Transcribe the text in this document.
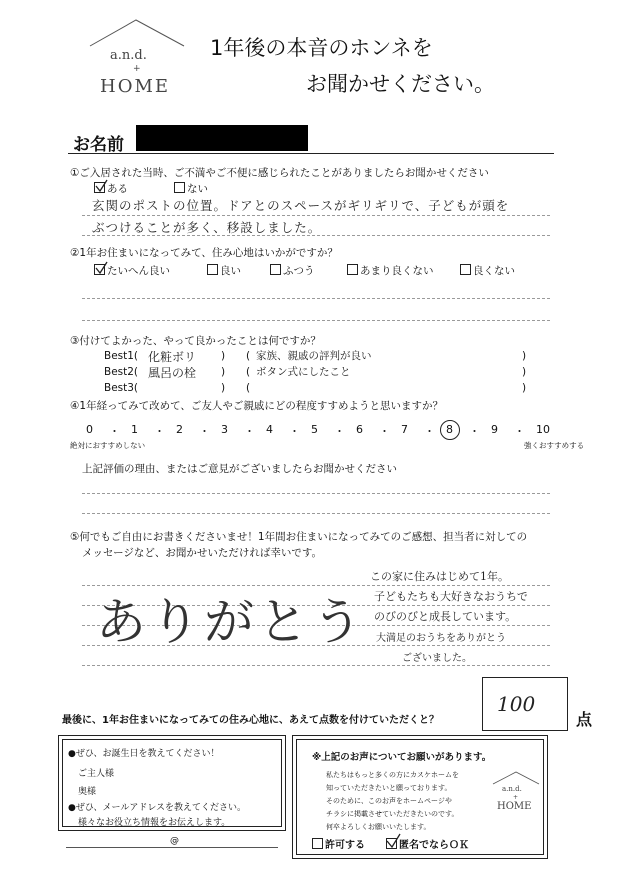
a.n.d.
+
HOME
1年後の本音のホンネを
お聞かせください。
お名前
①ご入居された当時、ご不満やご不便に感じられたことがありましたらお聞かせください
ある	ない
玄関のポストの位置。ドアとのスペースがギリギリで、子どもが頭を
ぶつけることが多く、移設しました。
②1年お住まいになってみて、住み心地はいかがですか？
たいへん良い	良い	ふつう	あまり良くない	良くない
③付けてよかった、やって良かったことは何ですか？
Best1( 化粧ボリ ) ( 家族、親戚の評判が良い	)
Best2( 風呂の栓 ) ( ボタン式にしたこと	)
Best3(	) (	)
④1年経ってみて改めて、ご友人やご親戚にどの程度すすめようと思いますか？
0 ・ 1 ・ 2 ・ 3 ・ 4 ・ 5 ・ 6 ・ 7 ・ 8 ・ 9 ・ 10
絶対におすすめしない	強くおすすめする
上記評価の理由、またはご意見がございましたらお聞かせください
⑤何でもご自由にお書きくださいませ！1年間お住まいになってみてのご感想、担当者に対しての
メッセージなど、お聞かせいただければ幸いです。
ありがとう
この家に住みはじめて1年。
子どもたちも大好きなおうちで
のびのびと成長しています。
大満足のおうちをありがとう
ございました。
最後に、1年お住まいになってみての住み心地に、あえて点数を付けていただくと？
100
点
●ぜひ、お誕生日を教えてください！
ご主人様
奥様
●ぜひ、メールアドレスを教えてください。
様々なお役立ち情報をお伝えします。
@
※上記のお声についてお願いがあります。
私たちはもっと多くの方にカスケホームを
知っていただきたいと願っております。
そのために、このお声をホームページや
チラシに掲載させていただきたいのです。
何卒よろしくお願いいたします。
a.n.d.
+
HOME
許可する	匿名でならＯＫ
